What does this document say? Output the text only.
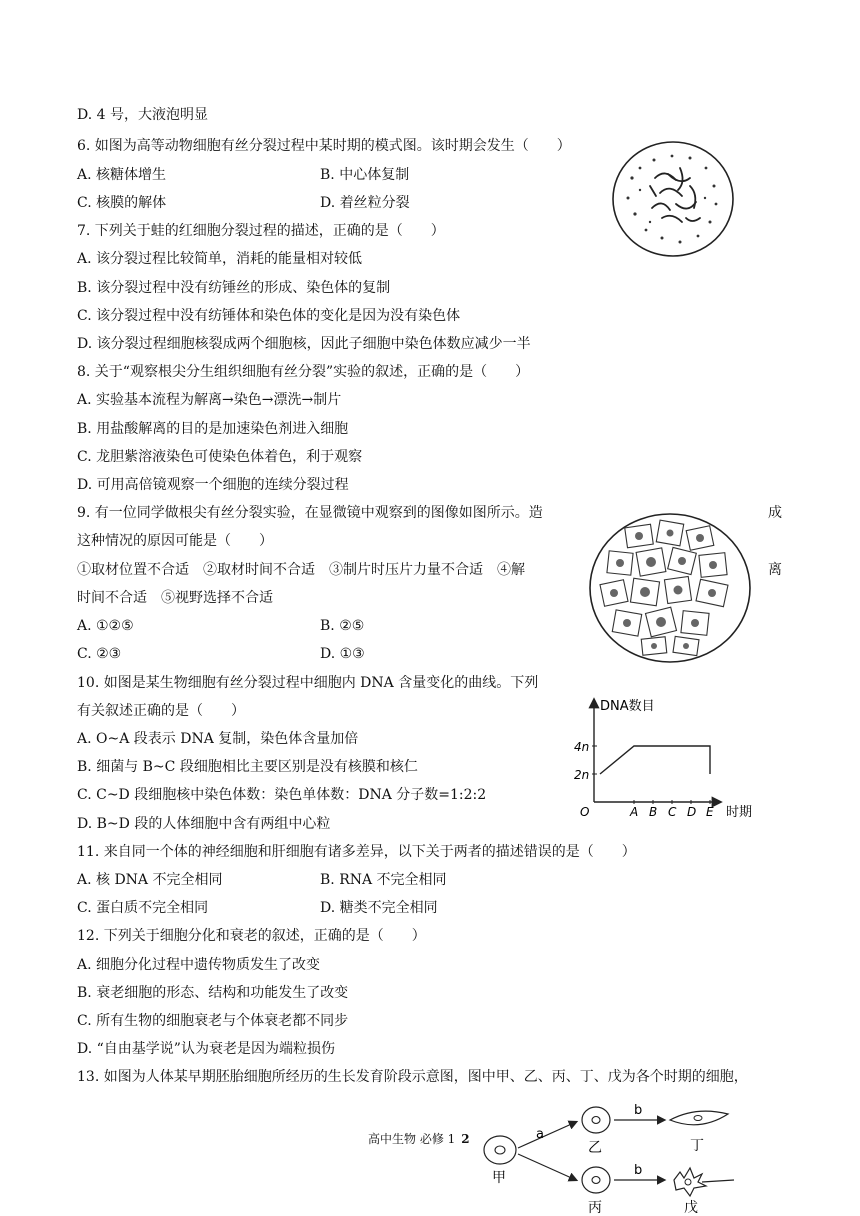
D. 4 号，大液泡明显
6. 如图为高等动物细胞有丝分裂过程中某时期的模式图。该时期会发生（　　）
A. 核糖体增生	B. 中心体复制
C. 核膜的解体	D. 着丝粒分裂
7. 下列关于蛙的红细胞分裂过程的描述，正确的是（　　）
A. 该分裂过程比较简单，消耗的能量相对较低
B. 该分裂过程中没有纺锤丝的形成、染色体的复制
C. 该分裂过程中没有纺锤体和染色体的变化是因为没有染色体
D. 该分裂过程细胞核裂成两个细胞核，因此子细胞中染色体数应减少一半
8. 关于“观察根尖分生组织细胞有丝分裂”实验的叙述，正确的是（　　）
A. 实验基本流程为解离→染色→漂洗→制片
B. 用盐酸解离的目的是加速染色剂进入细胞
C. 龙胆紫溶液染色可使染色体着色，利于观察
D. 可用高倍镜观察一个细胞的连续分裂过程
9. 有一位同学做根尖有丝分裂实验，在显微镜中观察到的图像如图所示。造	成
这种情况的原因可能是（　　）
①取材位置不合适　②取材时间不合适　③制片时压片力量不合适　④解	离
时间不合适　⑤视野选择不合适
A. ①②⑤	B. ②⑤
C. ②③	D. ①③
10. 如图是某生物细胞有丝分裂过程中细胞内 DNA 含量变化的曲线。下列
有关叙述正确的是（　　）
A. O~A 段表示 DNA 复制，染色体含量加倍
B. 细菌与 B~C 段细胞相比主要区别是没有核膜和核仁
C. C~D 段细胞核中染色体数：染色单体数：DNA 分子数=1:2:2
D. B~D 段的人体细胞中含有两组中心粒
11. 来自同一个体的神经细胞和肝细胞有诸多差异，以下关于两者的描述错误的是（　　）
A. 核 DNA 不完全相同	B. RNA 不完全相同
C. 蛋白质不完全相同	D. 糖类不完全相同
12. 下列关于细胞分化和衰老的叙述，正确的是（　　）
A. 细胞分化过程中遗传物质发生了改变
B. 衰老细胞的形态、结构和功能发生了改变
C. 所有生物的细胞衰老与个体衰老都不同步
D. “自由基学说”认为衰老是因为端粒损伤
13. 如图为人体某早期胚胎细胞所经历的生长发育阶段示意图，图中甲、乙、丙、丁、戊为各个时期的细胞，
DNA数目
时期
2n
4n
O	A B C D E
甲
a
乙
丙
b
b
丁
戊
高中生物 必修 1 2
